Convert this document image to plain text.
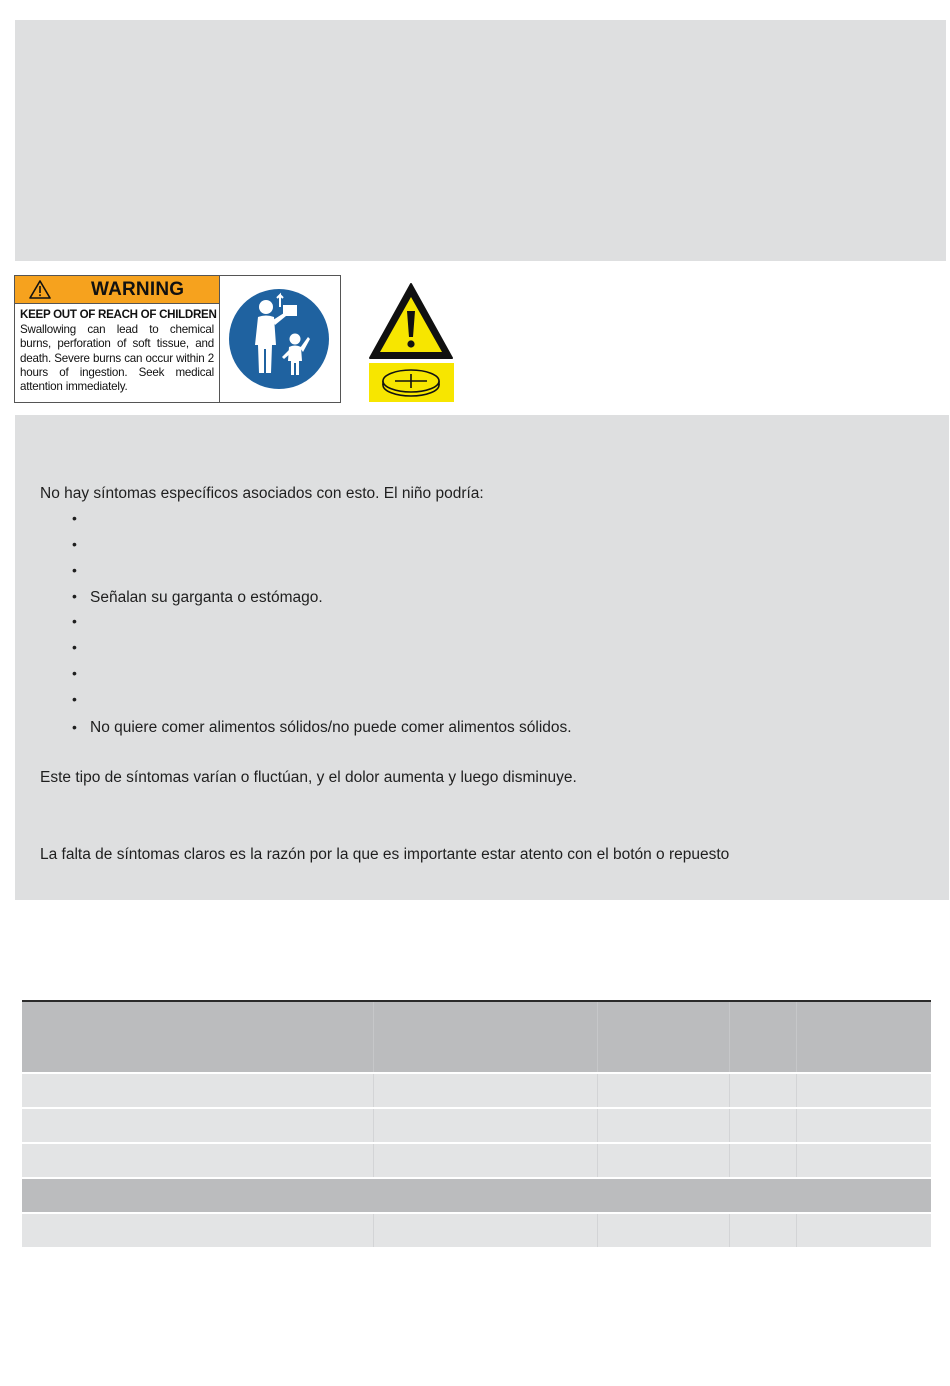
WARNING
KEEP OUT OF REACH OF CHILDREN
Swallowing can lead to chemical burns, perforation of soft tissue, and death. Severe burns can occur within 2 hours of ingestion. Seek medical attention immediately.
No hay síntomas específicos asociados con esto. El niño podría:
•
•
•
• Señalan su garganta o estómago.
•
•
•
•
• No quiere comer alimentos sólidos/no puede comer alimentos sólidos.
Este tipo de síntomas varían o fluctúan, y el dolor aumenta y luego disminuye.
La falta de síntomas claros es la razón por la que es importante estar atento con el botón o repuesto
